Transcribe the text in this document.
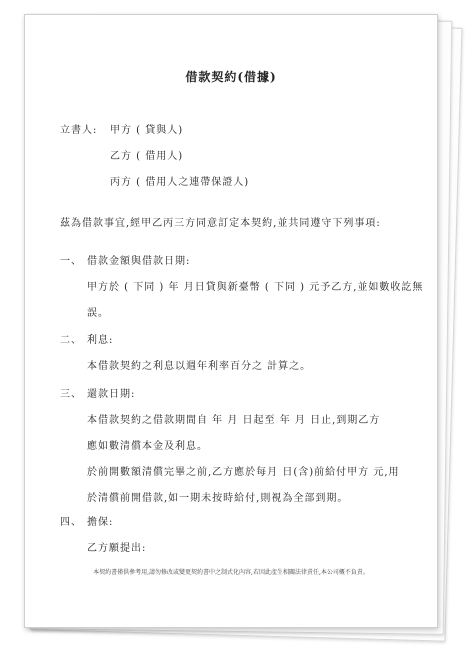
借款契約(借據)
立書人: 甲方 ( 貸與人)
乙方 ( 借用人)
丙方 ( 借用人之連帶保證人)
茲為借款事宜,經甲乙丙三方同意訂定本契約,並共同遵守下列事項:
一、 借款金額與借款日期:
甲方於 ( 下同 ) 年 月日貸與新臺幣 ( 下同 ) 元予乙方,並如數收訖無
誤。
二、 利息:
本借款契約之利息以週年利率百分之 計算之。
三、 還款日期:
本借款契約之借款期間自 年 月 日起至 年 月 日止,到期乙方
應如數清償本金及利息。
於前開數額清償完畢之前,乙方應於每月 日(含)前給付甲方 元,用
於清償前開借款,如一期未按時給付,則視為全部到期。
四、 擔保:
乙方願提出:
本契約書僅供參考用,請勿修改或變更契約書中之制式化內容,若因此產生相關法律責任,本公司概不負責。
